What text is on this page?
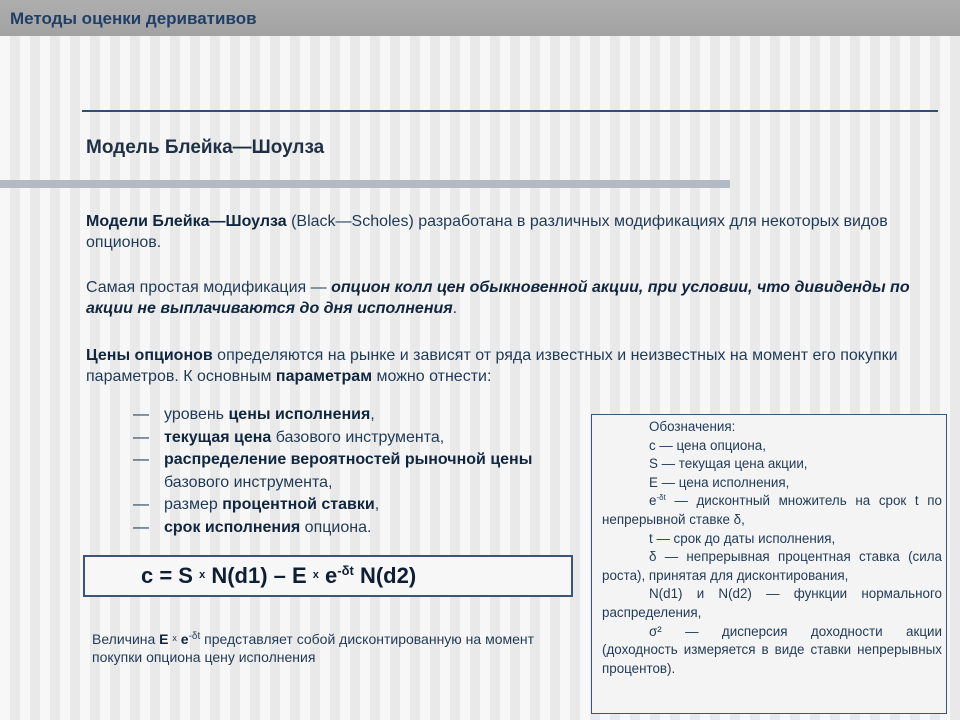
Методы оценки деривативов
Модель Блейка—Шоулза
Модели Блейка—Шоулза (Black—Scholes) разработана в различных модификациях для некоторых видов опционов.
Самая простая модификация — опцион колл цен обыкновенной акции, при условии, что дивиденды по акции не выплачиваются до дня исполнения.
Цены опционов определяются на рынке и зависят от ряда известных и неизвестных на момент его покупки параметров. К основным параметрам можно отнести:
— уровень цены исполнения,
— текущая цена базового инструмента,
— распределение вероятностей рыночной цены базового инструмента,
— размер процентной ставки,
— срок исполнения опциона.
c = S $^x$ N(d1) – E $^x$ $e^{-\delta t}$ N(d2)
Величина E $^x$ $e^{-\delta t}$ представляет собой дисконтированную на момент покупки опциона цену исполнения
Обозначения:
с — цена опциона,
S — текущая цена акции,
Е — цена исполнения,
$e^{-\delta t}$ — дисконтный множитель на срок t по непрерывной ставке δ,
t — срок до даты исполнения,
δ — непрерывная процентная ставка (сила роста), принятая для дисконтирования,
N(d1) и N(d2) — функции нормального распределения,
σ² — дисперсия доходности акции (доходность измеряется в виде ставки непрерывных процентов).
